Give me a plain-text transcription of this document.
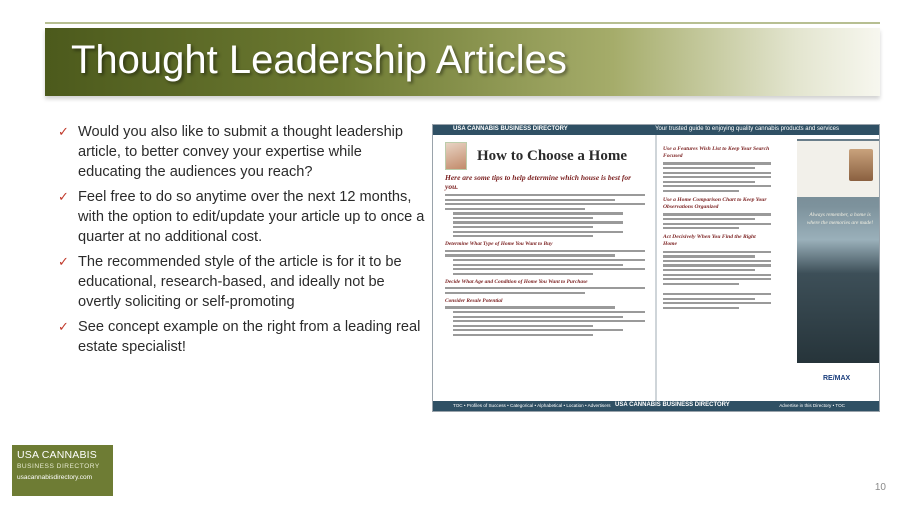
Thought Leadership Articles
✓ Would you also like to submit a thought leadership article, to better convey your expertise while educating the audiences you reach?
✓ Feel free to do so anytime over the next 12 months, with the option to edit/update your article up to once a quarter at no additional cost.
✓ The recommended style of the article is for it to be educational, research-based, and ideally not be overtly soliciting or self-promoting
✓ See concept example on the right from a leading real estate specialist!
USA CANNABIS BUSINESS DIRECTORY	Your trusted guide to enjoying quality cannabis products and services
How to Choose a Home
Here are some tips to help determine which house is best for you.
Determine What Type of Home You Want to Buy
Decide What Age and Condition of Home You Want to Purchase
Consider Resale Potential
Use a Features Wish List to Keep Your Search Focused
Use a Home Comparison Chart to Keep Your Observations Organized
Act Decisively When You Find the Right Home
Always remember, a home is where the memories are made!
RE/MAX
TOC • Profiles of Success • Categorical • Alphabetical • Location • Advertisers USA CANNABIS BUSINESS DIRECTORY	Advertise in this Directory • TOC
USA CANNABIS
BUSINESS DIRECTORY
usacannabisdirectory.com
10
